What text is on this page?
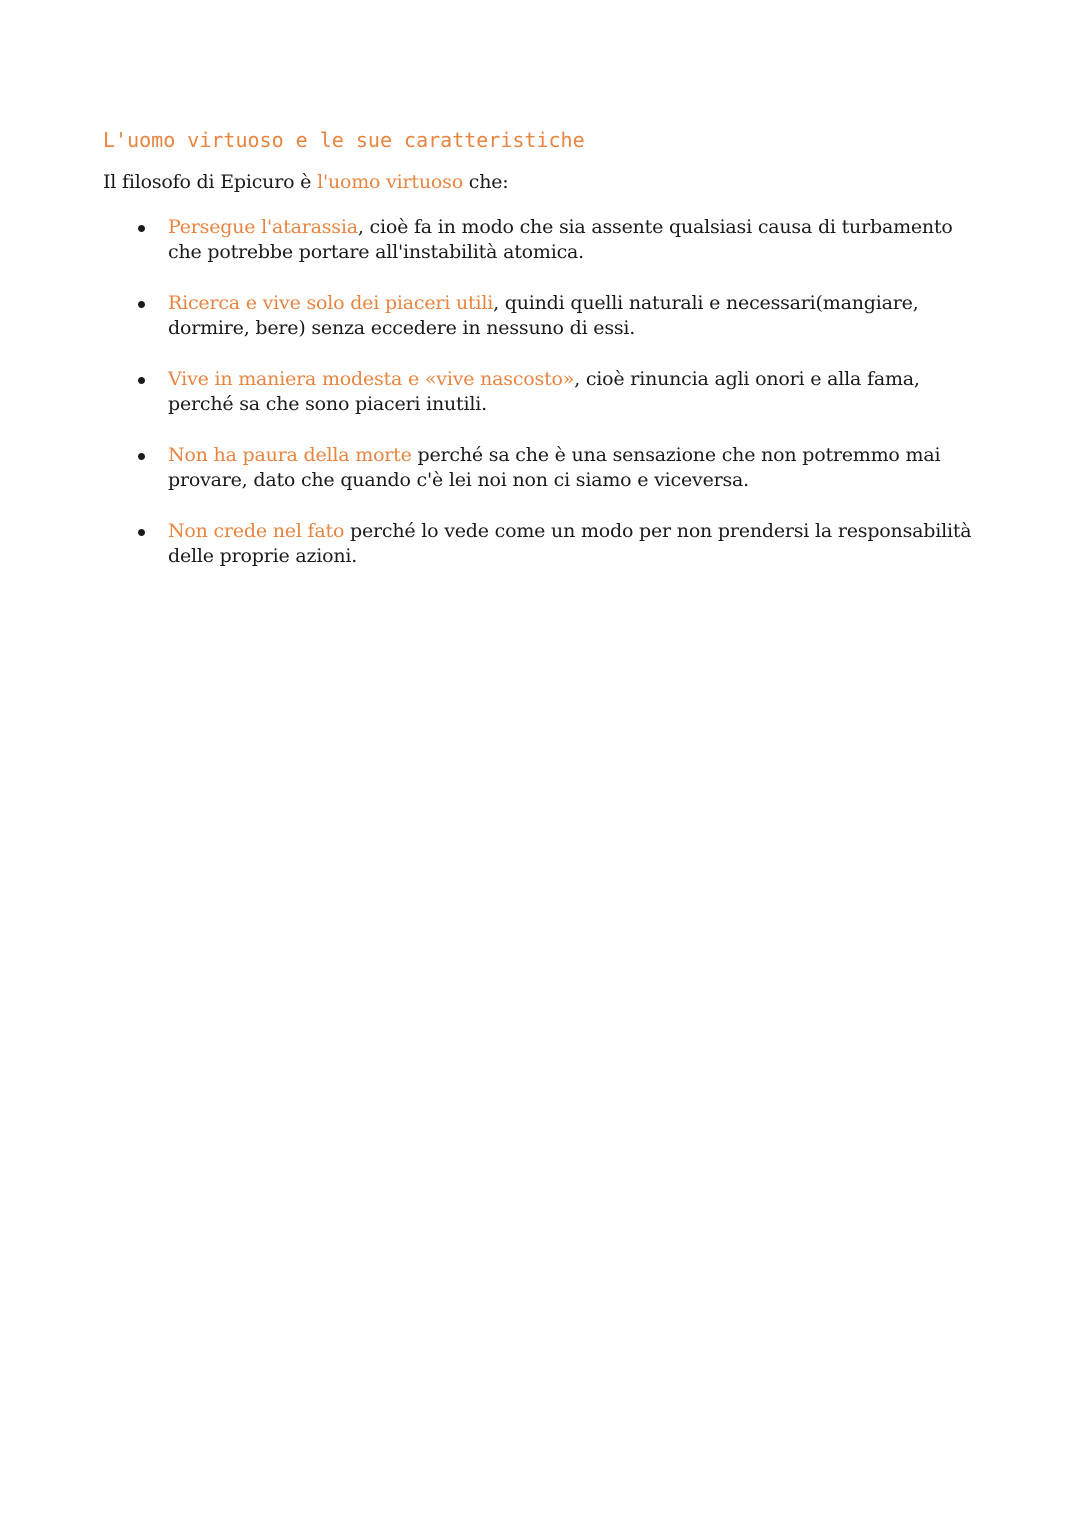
L'uomo virtuoso e le sue caratteristiche

Il filosofo di Epicuro è l'uomo virtuoso che:

Persegue l'atarassia, cioè fa in modo che sia assente qualsiasi causa di turbamento che potrebbe portare all'instabilità atomica.
Ricerca e vive solo dei piaceri utili, quindi quelli naturali e necessari(mangiare, dormire, bere) senza eccedere in nessuno di essi.
Vive in maniera modesta e «vive nascosto», cioè rinuncia agli onori e alla fama, perché sa che sono piaceri inutili.
Non ha paura della morte perché sa che è una sensazione che non potremmo mai provare, dato che quando c'è lei noi non ci siamo e viceversa.
Non crede nel fato perché lo vede come un modo per non prendersi la responsabilità delle proprie azioni.
